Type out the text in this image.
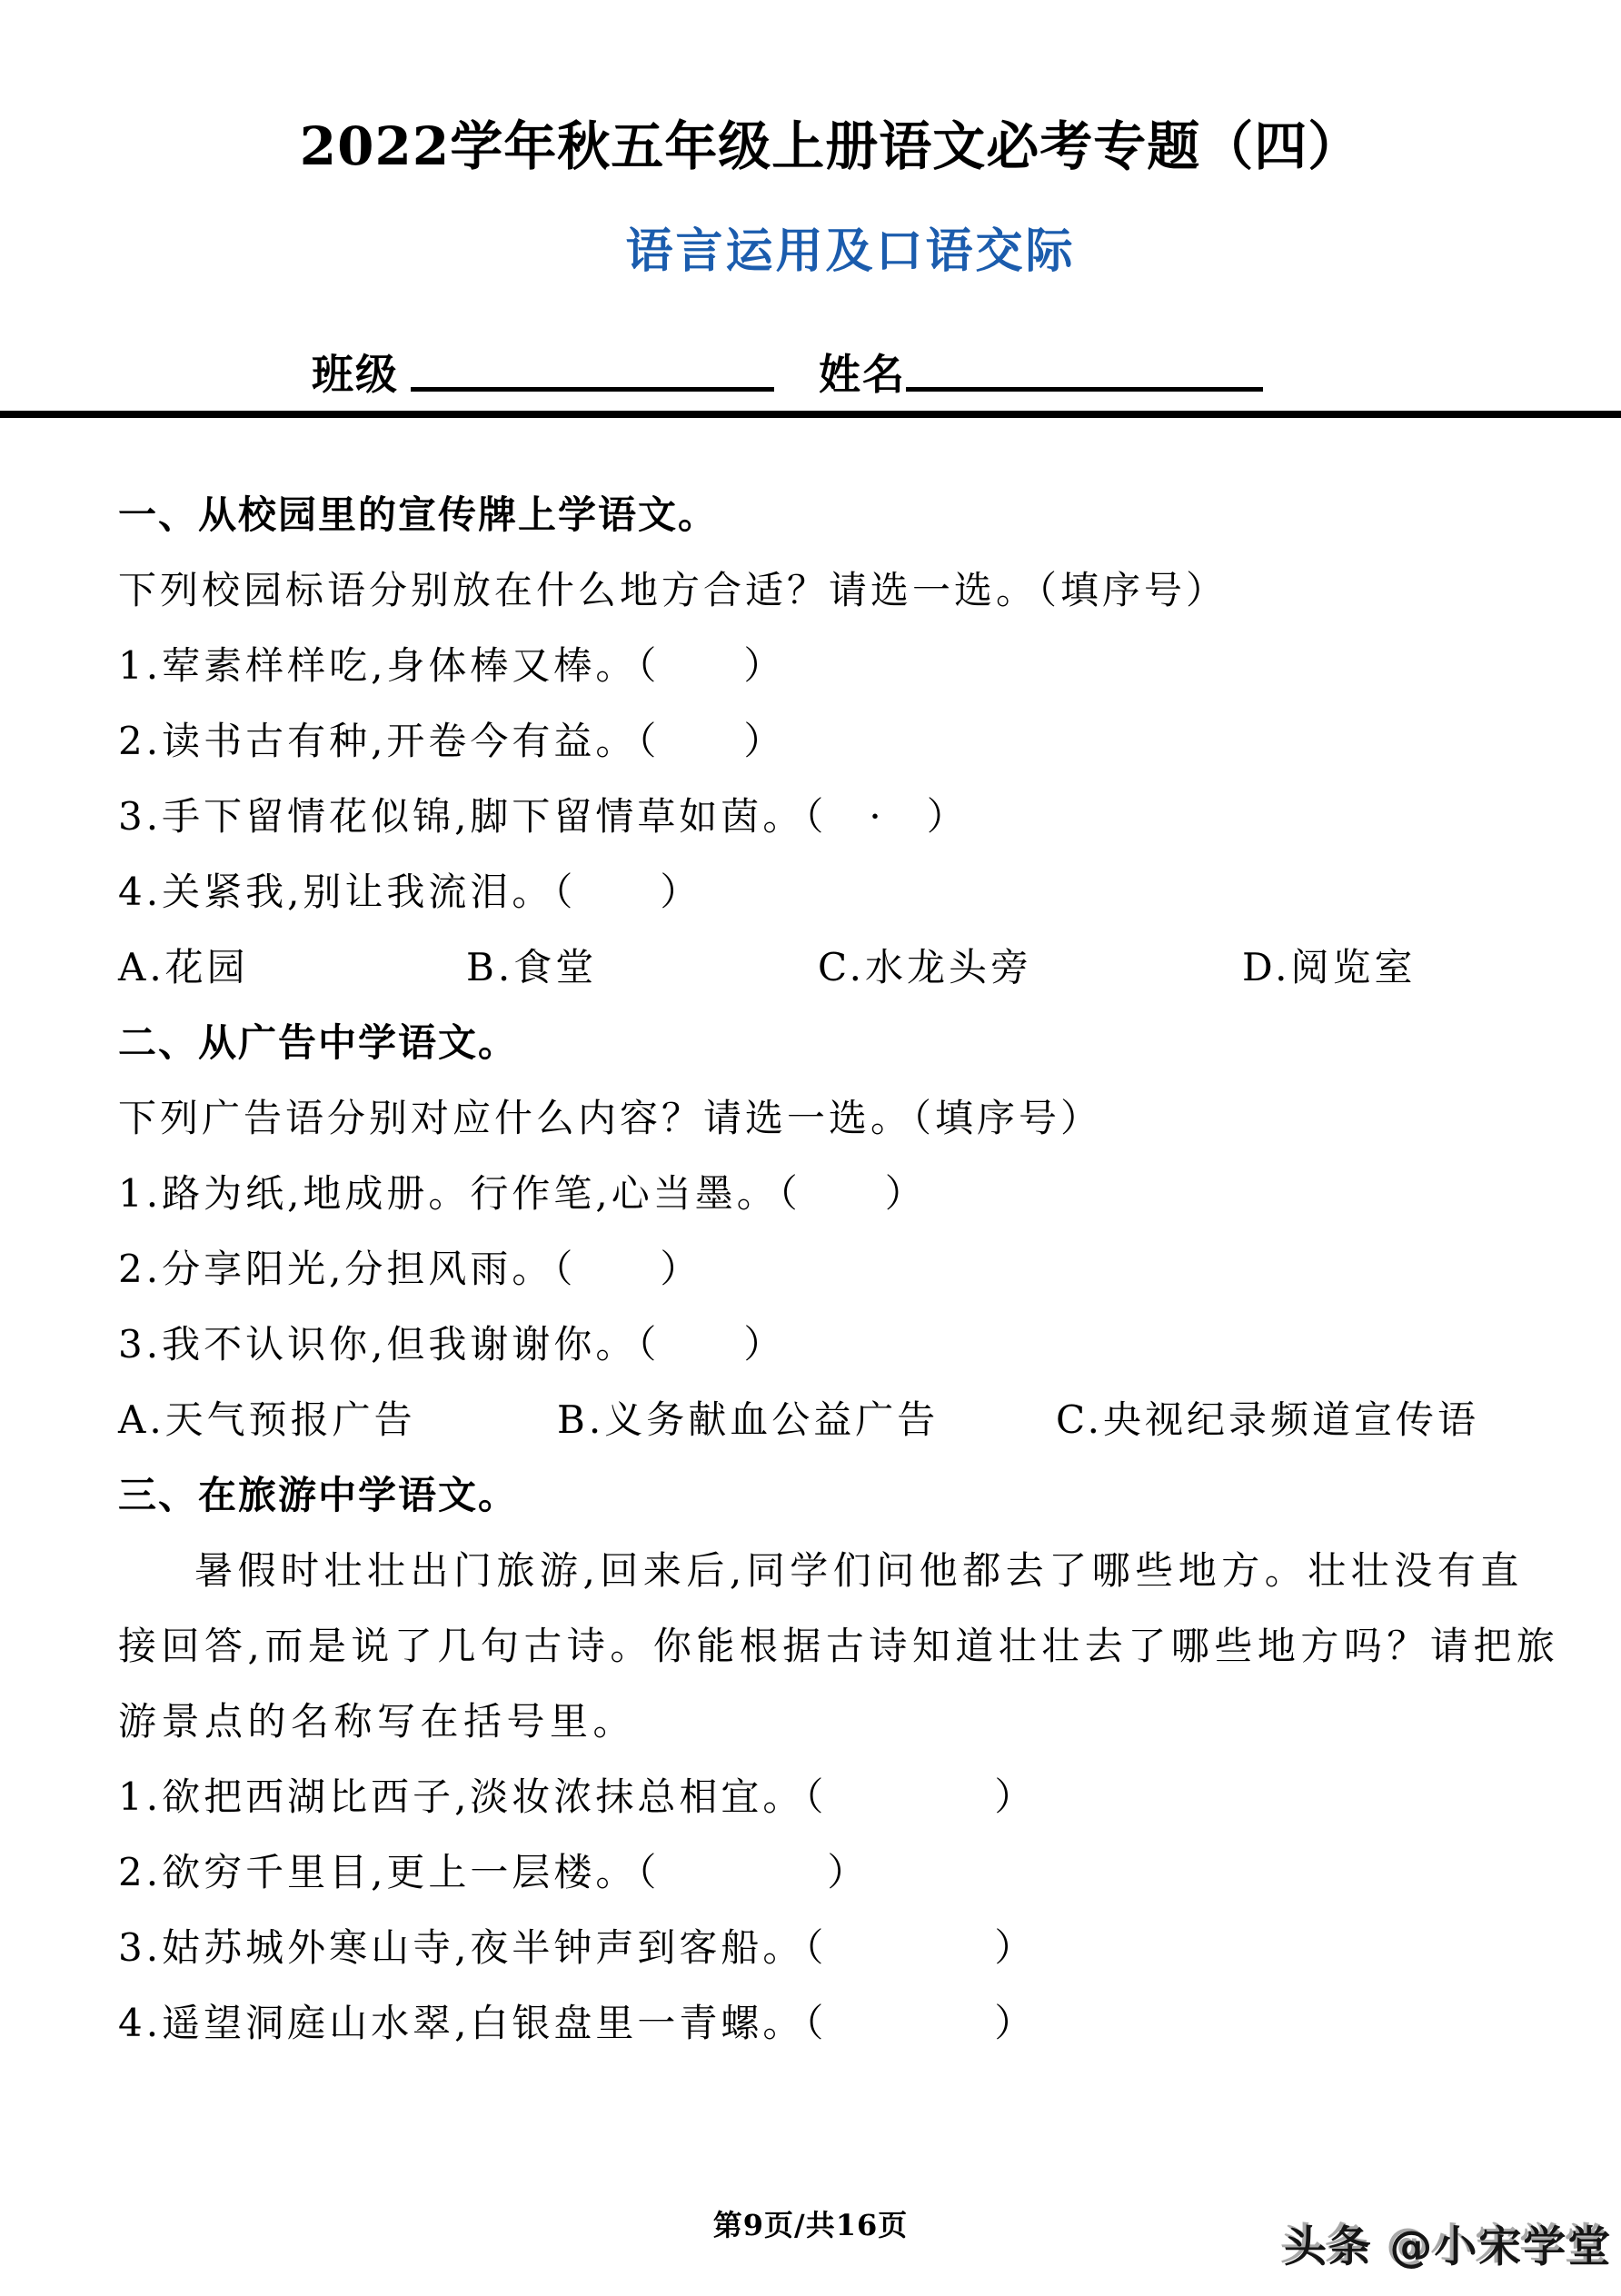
2022学年秋五年级上册语文必考专题（四）
语言运用及口语交际
班级	姓名
一、从校园里的宣传牌上学语文。
下列校园标语分别放在什么地方合适？请选一选。（填序号）
1.荤素样样吃,身体棒又棒。（　　）
2.读书古有种,开卷今有益。（　　）
3.手下留情花似锦,脚下留情草如茵。（　·　）
4.关紧我,别让我流泪。（　　）

A.花园

	B.食堂

	C.水龙头旁

	D.阅览室

二、从广告中学语文。
下列广告语分别对应什么内容？请选一选。（填序号）
1.路为纸,地成册。行作笔,心当墨。（　　）
2.分享阳光,分担风雨。（　　）
3.我不认识你,但我谢谢你。（　　）

A.天气预报广告

	B.义务献血公益广告

	C.央视纪录频道宣传语

三、在旅游中学语文。
暑假时壮壮出门旅游,回来后,同学们问他都去了哪些地方。壮壮没有直
接回答,而是说了几句古诗。你能根据古诗知道壮壮去了哪些地方吗？请把旅
游景点的名称写在括号里。
1.欲把西湖比西子,淡妆浓抹总相宜。（　　　　）
2.欲穷千里目,更上一层楼。（　　　　）
3.姑苏城外寒山寺,夜半钟声到客船。（　　　　）
4.遥望洞庭山水翠,白银盘里一青螺。（　　　　）
第9页/共16页	头条 @小宋学堂
